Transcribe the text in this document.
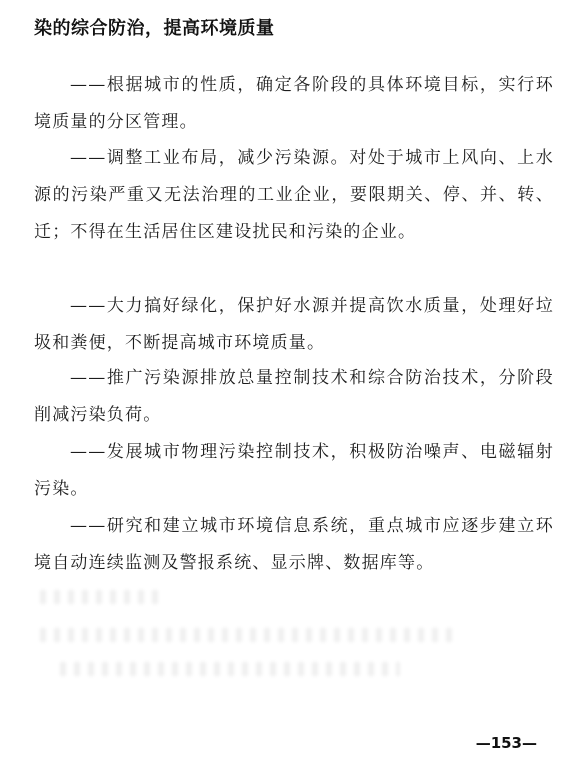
染的综合防治，提高环境质量

——根据城市的性质，确定各阶段的具体环境目标，实行环境质量的分区管理。

——调整工业布局，减少污染源。对处于城市上风向、上水源的污染严重又无法治理的工业企业，要限期关、停、并、转、迁；不得在生活居住区建设扰民和污染的企业。

——大力搞好绿化，保护好水源并提高饮水质量，处理好垃圾和粪便，不断提高城市环境质量。

——推广污染源排放总量控制技术和综合防治技术，分阶段削减污染负荷。

——发展城市物理污染控制技术，积极防治噪声、电磁辐射污染。

——研究和建立城市环境信息系统，重点城市应逐步建立环境自动连续监测及警报系统、显示牌、数据库等。

—153—
